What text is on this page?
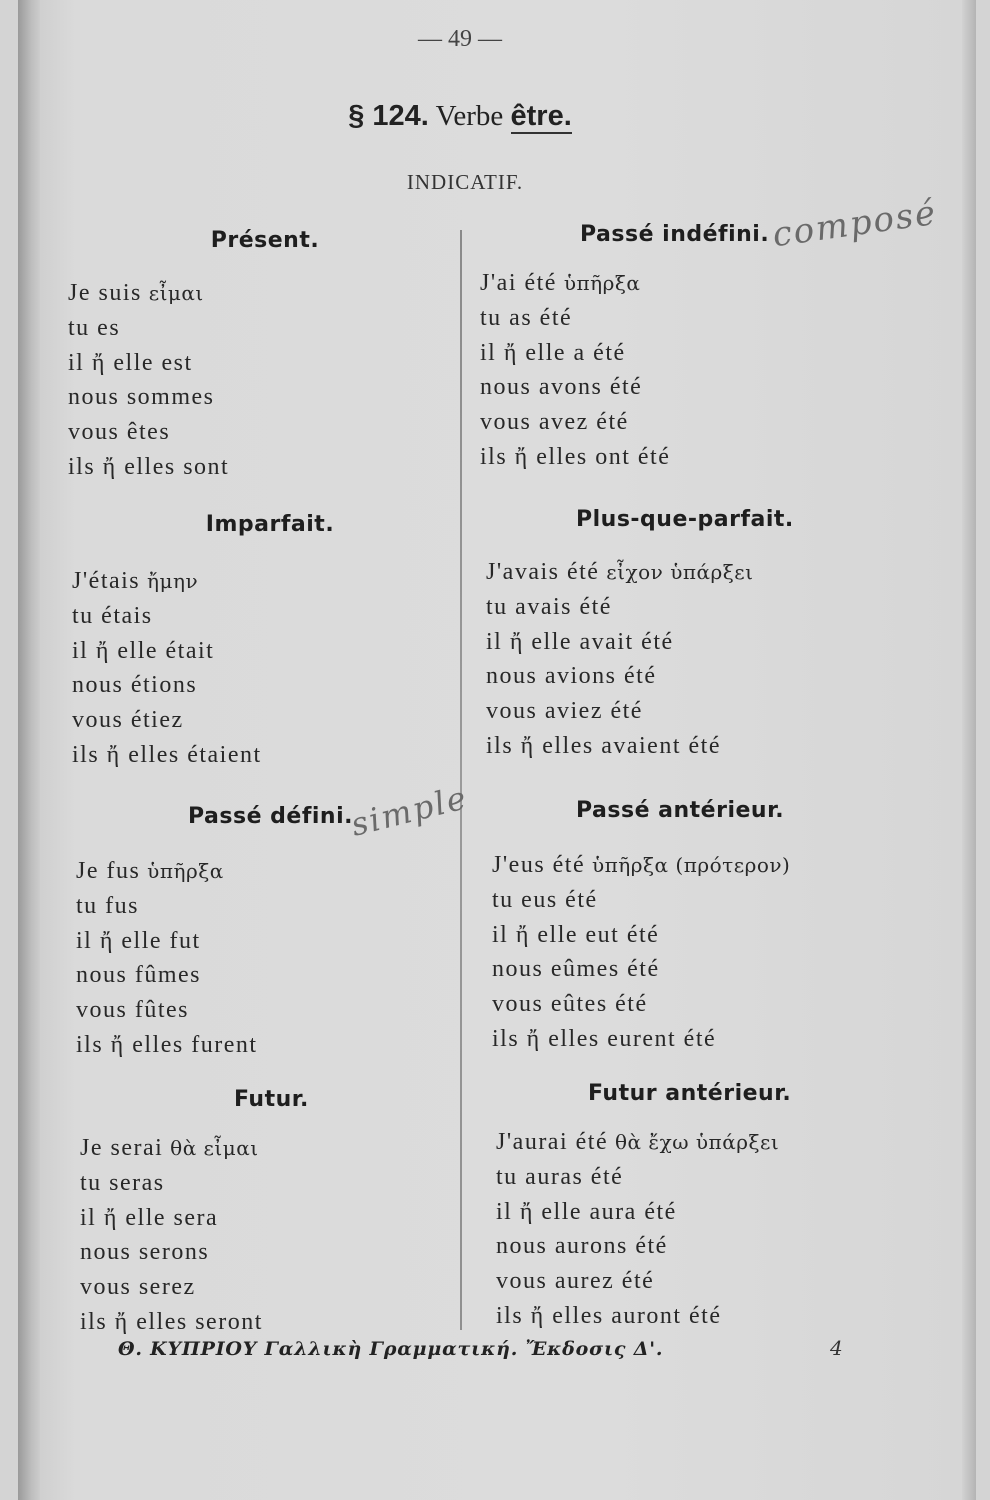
— 49 —
§ 124. Verbe être.
INDICATIF.
Présent.
Je suis εἶμαι
tu es
il ἤ elle est
nous sommes
vous êtes
ils ἤ elles sont
Imparfait.
J'étais ἤμην
tu étais
il ἤ elle était
nous étions
vous étiez
ils ἤ elles étaient
Passé défini.
Je fus ὑπῆρξα
tu fus
il ἤ elle fut
nous fûmes
vous fûtes
ils ἤ elles furent
Futur.
Je serai θὰ εἶμαι
tu seras
il ἤ elle sera
nous serons
vous serez
ils ἤ elles seront
Passé indéfini.
J'ai été ὑπῆρξα
tu as été
il ἤ elle a été
nous avons été
vous avez été
ils ἤ elles ont été
Plus-que-parfait.
J'avais été εἶχον ὑπάρξει
tu avais été
il ἤ elle avait été
nous avions été
vous aviez été
ils ἤ elles avaient été
Passé antérieur.
J'eus été ὑπῆρξα (πρότερον)
tu eus été
il ἤ elle eut été
nous eûmes été
vous eûtes été
ils ἤ elles eurent été
Futur antérieur.
J'aurai été θὰ ἔχω ὑπάρξει
tu auras été
il ἤ elle aura été
nous aurons été
vous aurez été
ils ἤ elles auront été
composé
simple
Θ. ΚΥΠΡΙΟΥ Γαλλικὴ Γραμματική. Ἔκδοσις Δ'.	4
